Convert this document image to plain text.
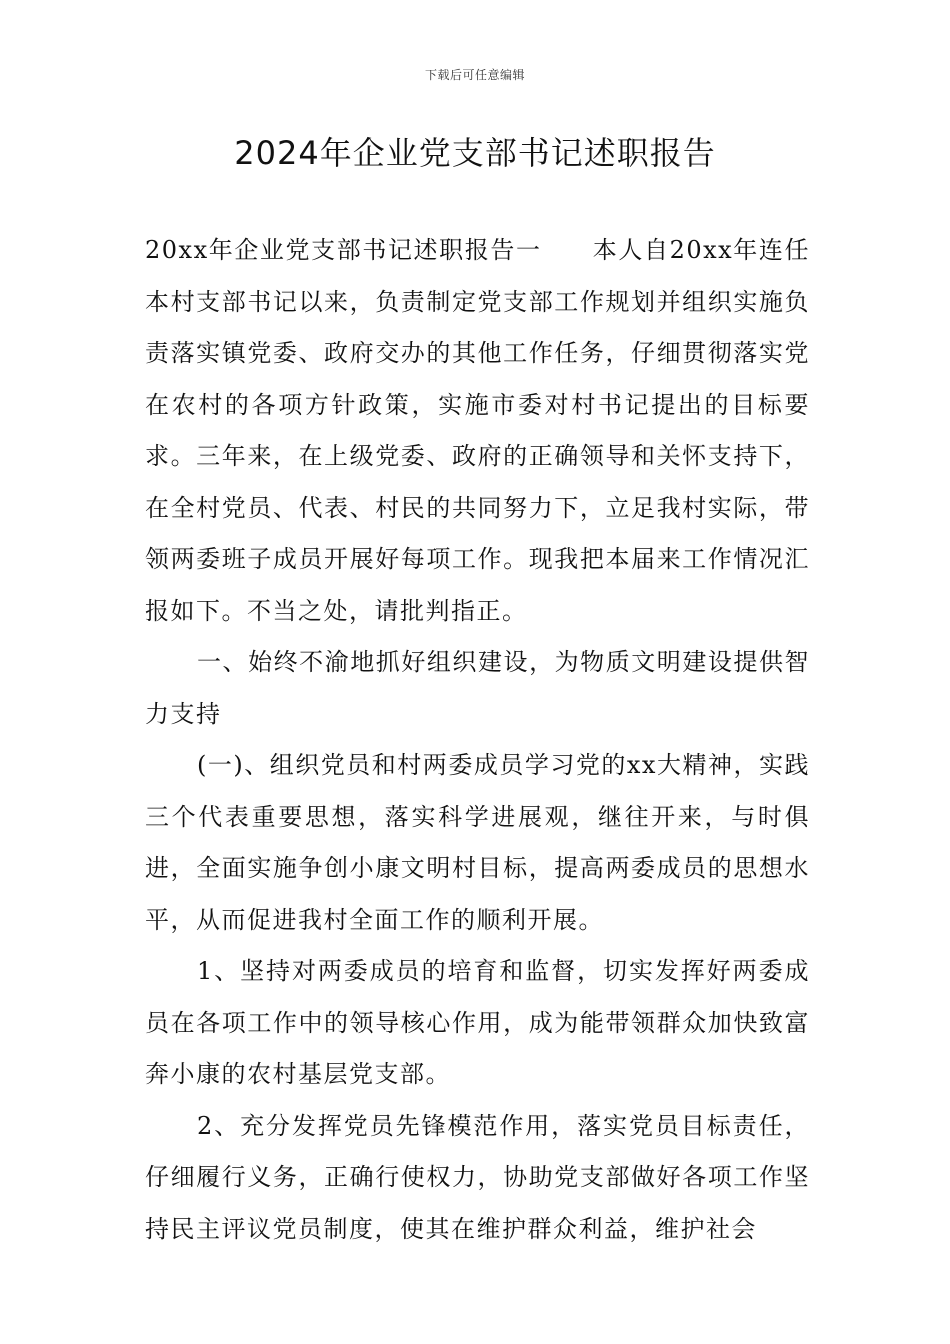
下载后可任意编辑
2024年企业党支部书记述职报告

20xx年企业党支部书记述职报告一　　本人自20xx年连任本村支部书记以来，负责制定党支部工作规划并组织实施负责落实镇党委、政府交办的其他工作任务，仔细贯彻落实党在农村的各项方针政策，实施市委对村书记提出的目标要求。三年来，在上级党委、政府的正确领导和关怀支持下，在全村党员、代表、村民的共同努力下，立足我村实际，带领两委班子成员开展好每项工作。现我把本届来工作情况汇报如下。不当之处，请批判指正。

一、始终不渝地抓好组织建设，为物质文明建设提供智力支持

(一)、组织党员和村两委成员学习党的xx大精神，实践三个代表重要思想，落实科学进展观，继往开来，与时俱进，全面实施争创小康文明村目标，提高两委成员的思想水平，从而促进我村全面工作的顺利开展。

1、坚持对两委成员的培育和监督，切实发挥好两委成员在各项工作中的领导核心作用，成为能带领群众加快致富奔小康的农村基层党支部。

2、充分发挥党员先锋模范作用，落实党员目标责任，仔细履行义务，正确行使权力，协助党支部做好各项工作坚持民主评议党员制度，使其在维护群众利益，维护社会
